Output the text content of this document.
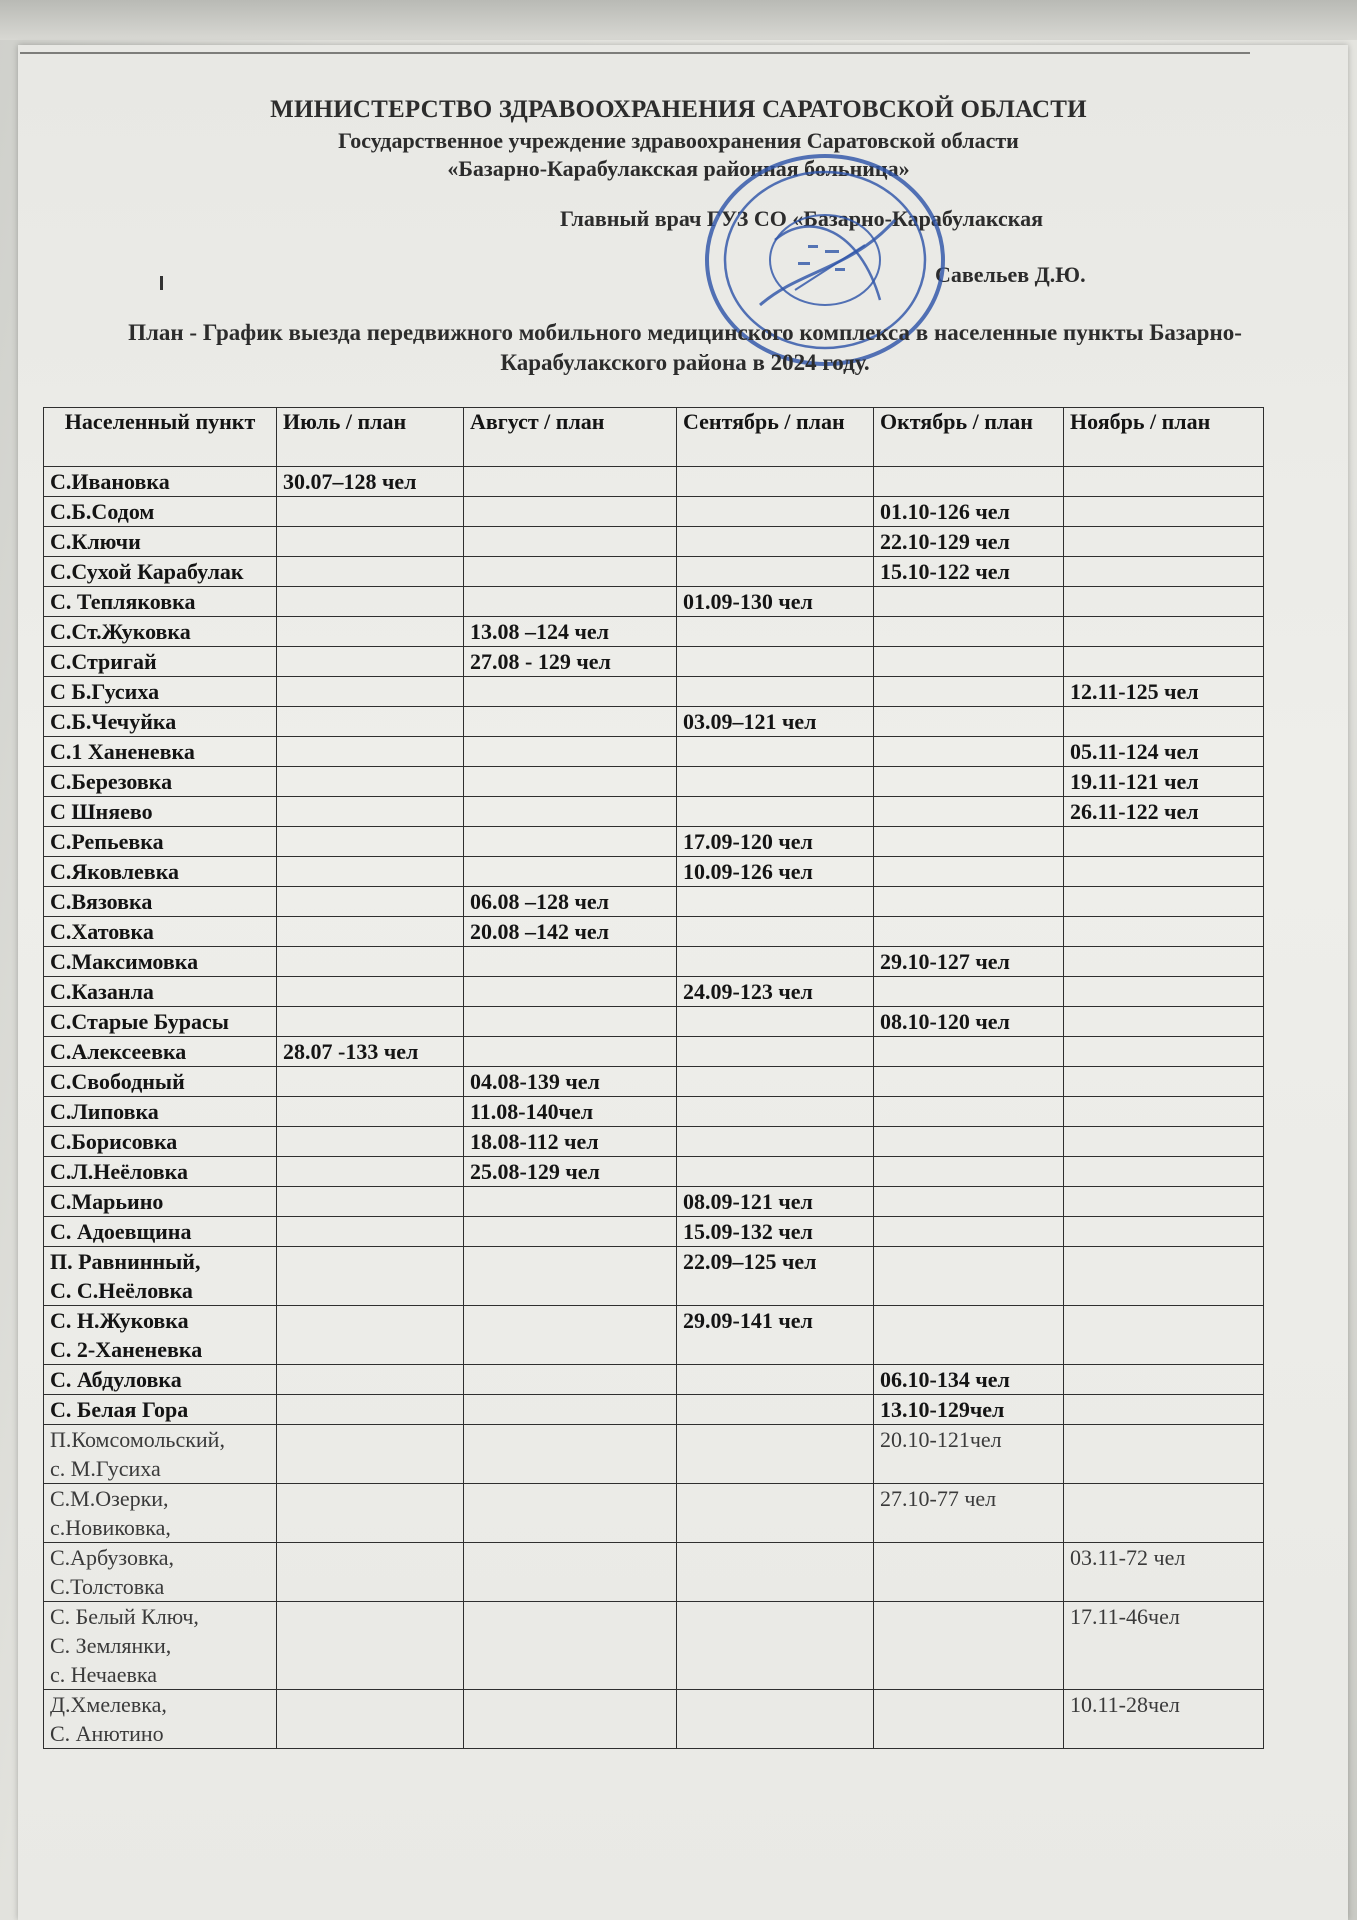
МИНИСТЕРСТВО ЗДРАВООХРАНЕНИЯ САРАТОВСКОЙ ОБЛАСТИ
Государственное учреждение здравоохранения Саратовской области
«Базарно-Карабулакская районная больница»
Главный врач ГУЗ СО «Базарно-Карабулакская
Савельев Д.Ю.
План - График выезда передвижного мобильного медицинского комплекса в населенные пункты Базарно-Карабулакского района в 2024 году.
Населенный пункт	Июль / план	Август / план	Сентябрь / план	Октябрь / план	Ноябрь / план
С.Ивановка	30.07–128 чел				
С.Б.Содом				01.10-126 чел	
С.Ключи				22.10-129 чел	
С.Сухой Карабулак				15.10-122 чел	
С. Тепляковка			01.09-130 чел		
С.Ст.Жуковка		13.08 –124 чел			
С.Стригай		27.08 - 129 чел			
С Б.Гусиха					12.11-125 чел
С.Б.Чечуйка			03.09–121 чел		
С.1 Ханеневка					05.11-124 чел
С.Березовка					19.11-121 чел
С Шняево					26.11-122 чел
С.Репьевка			17.09-120 чел		
С.Яковлевка			10.09-126 чел		
С.Вязовка		06.08 –128 чел			
С.Хатовка		20.08 –142 чел			
С.Максимовка				29.10-127 чел	
С.Казанла			24.09-123 чел		
С.Старые Бурасы				08.10-120 чел	
С.Алексеевка	28.07 -133 чел				
С.Свободный		04.08-139 чел			
С.Липовка		11.08-140чел			
С.Борисовка		18.08-112 чел			
С.Л.Неёловка		25.08-129 чел			
С.Марьино			08.09-121 чел		
С. Адоевщина			15.09-132 чел		
П. Равнинный,
С. С.Неёловка			22.09–125 чел		
С. Н.Жуковка
С. 2-Ханеневка			29.09-141 чел		
С. Абдуловка				06.10-134 чел	
С. Белая Гора				13.10-129чел	
П.Комсомольский,
с. М.Гусиха				20.10-121чел	
С.М.Озерки,
с.Новиковка,				27.10-77 чел	
С.Арбузовка,
С.Толстовка					03.11-72 чел
С. Белый Ключ,
С. Землянки,
с. Нечаевка					17.11-46чел
Д.Хмелевка,
С. Анютино					10.11-28чел
